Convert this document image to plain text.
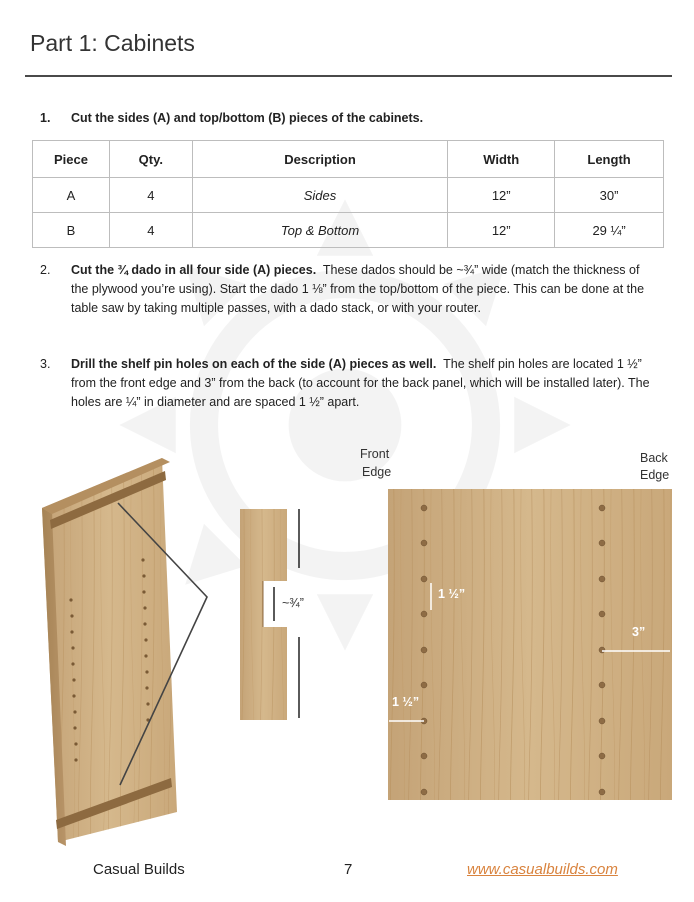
Part 1: Cabinets
1. Cut the sides (A) and top/bottom (B) pieces of the cabinets.
Piece	Qty.	Description	Width	Length
A	4	Sides	12”	30”
B	4	Top & Bottom	12”	29 ¼”
2. Cut the ¾ dado in all four side (A) pieces. These dados should be ~¾” wide (match the thickness of the plywood you’re using). Start the dado 1 ⅛” from the top/bottom of the piece. This can be done at the table saw by taking multiple passes, with a dado stack, or with your router.
3. Drill the shelf pin holes on each of the side (A) pieces as well. The shelf pin holes are located 1 ½” from the front edge and 3” from the back (to account for the back panel, which will be installed later). The holes are ¼” in diameter and are spaced 1 ½” apart.
~¾”
Front
Edge
Back
Edge
1 ½”
3”
1 ½”
Casual Builds	7	www.casualbuilds.com
